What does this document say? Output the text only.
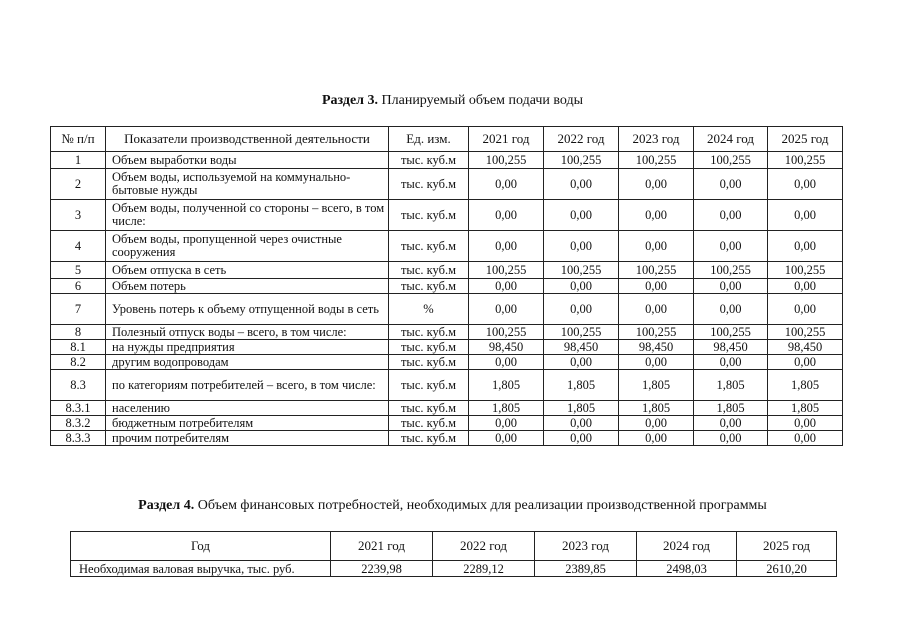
Раздел 3. Планируемый объем подачи воды
№ п/п	Показатели производственной деятельности	Ед. изм.	2021 год	2022 год	2023 год	2024 год	2025 год
1	Объем выработки воды	тыс. куб.м	100,255	100,255	100,255	100,255	100,255
2	Объем воды, используемой на коммунально-бытовые нужды	тыс. куб.м	0,00	0,00	0,00	0,00	0,00
3	Объем воды, полученной со стороны – всего, в том числе:	тыс. куб.м	0,00	0,00	0,00	0,00	0,00
4	Объем воды, пропущенной через очистные сооружения	тыс. куб.м	0,00	0,00	0,00	0,00	0,00
5	Объем отпуска в сеть	тыс. куб.м	100,255	100,255	100,255	100,255	100,255
6	Объем потерь	тыс. куб.м	0,00	0,00	0,00	0,00	0,00
7	Уровень потерь к объему отпущенной воды в сеть	%	0,00	0,00	0,00	0,00	0,00
8	Полезный отпуск воды – всего, в том числе:	тыс. куб.м	100,255	100,255	100,255	100,255	100,255
8.1	на нужды предприятия	тыс. куб.м	98,450	98,450	98,450	98,450	98,450
8.2	другим водопроводам	тыс. куб.м	0,00	0,00	0,00	0,00	0,00
8.3	по категориям потребителей – всего, в том числе:	тыс. куб.м	1,805	1,805	1,805	1,805	1,805
8.3.1	населению	тыс. куб.м	1,805	1,805	1,805	1,805	1,805
8.3.2	бюджетным потребителям	тыс. куб.м	0,00	0,00	0,00	0,00	0,00
8.3.3	прочим потребителям	тыс. куб.м	0,00	0,00	0,00	0,00	0,00
Раздел 4. Объем финансовых потребностей, необходимых для реализации производственной программы
Год	2021 год	2022 год	2023 год	2024 год	2025 год
Необходимая валовая выручка, тыс. руб.	2239,98	2289,12	2389,85	2498,03	2610,20
